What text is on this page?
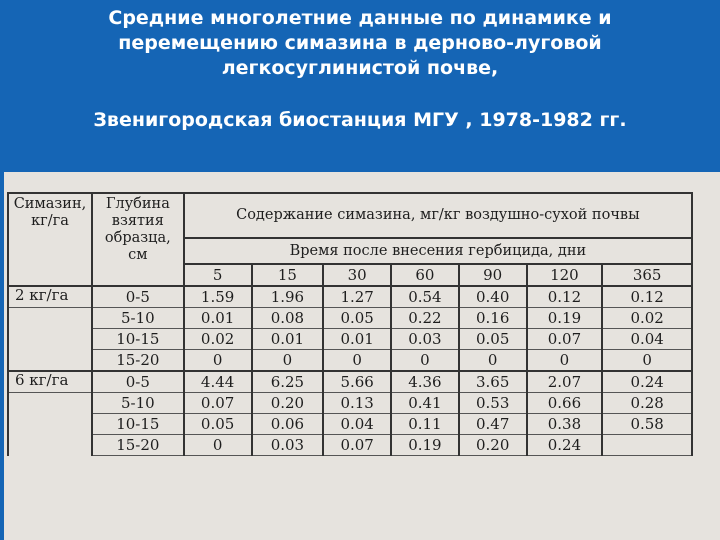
Средние многолетние данные по динамике и
перемещению симазина в дерново-луговой
легкосуглинистой почве,
Звенигородская биостанция МГУ , 1978-1982 гг.
Симазин, кг/га	Глубина взятия образца, см	Содержание симазина, мг/кг воздушно-сухой почвы						
		Время после внесения гербицида, дни						
		5	15	30	60	90	120	365
2 кг/га	0-5	1.59	1.96	1.27	0.54	0.40	0.12	0.12
	5-10	0.01	0.08	0.05	0.22	0.16	0.19	0.02
	10-15	0.02	0.01	0.01	0.03	0.05	0.07	0.04
	15-20	0	0	0	0	0	0	0
6 кг/га	0-5	4.44	6.25	5.66	4.36	3.65	2.07	0.24
	5-10	0.07	0.20	0.13	0.41	0.53	0.66	0.28
	10-15	0.05	0.06	0.04	0.11	0.47	0.38	0.58
	15-20	0	0.03	0.07	0.19	0.20	0.24	
